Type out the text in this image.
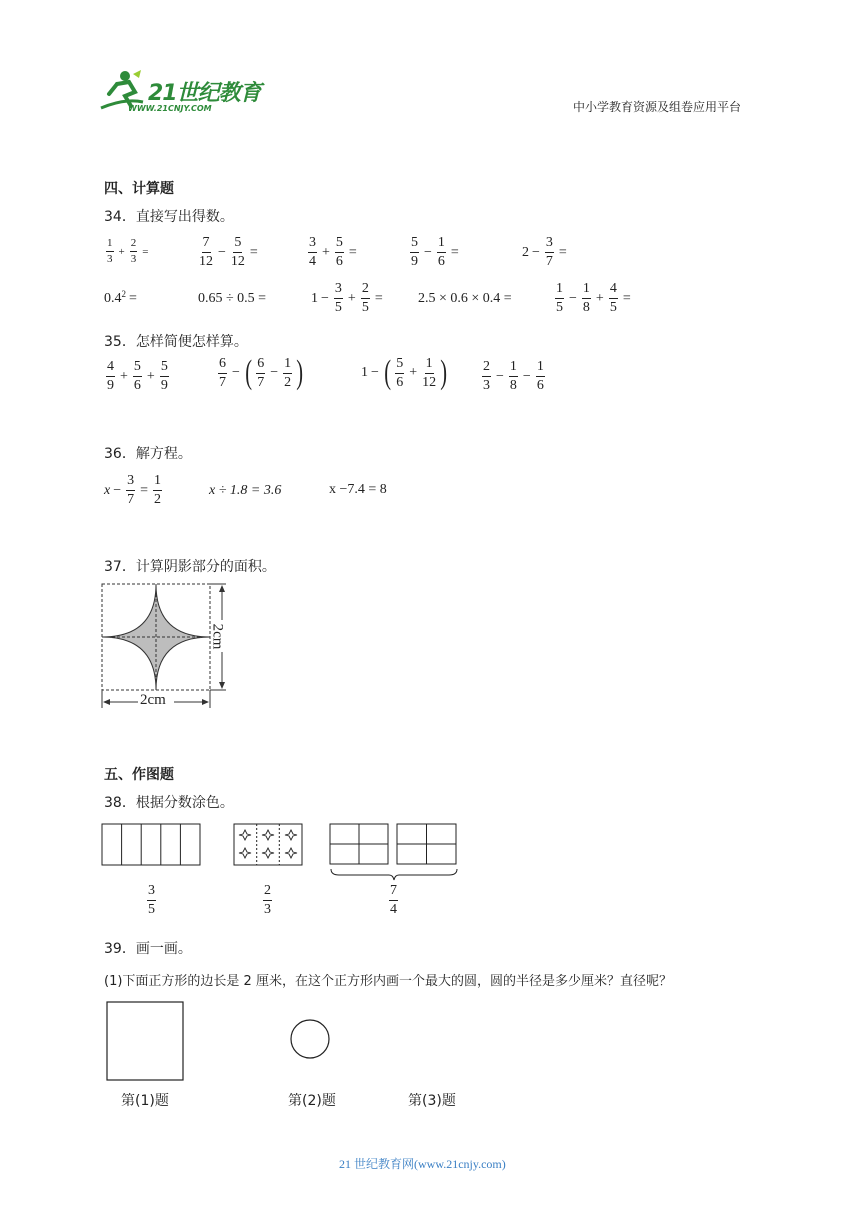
21世纪教育
WWW.21CNJY.COM	中小学教育资源及组卷应用平台
四、计算题
34．直接写出得数。
$\frac{1}{3} + \frac{2}{3}$ =	$\frac{7}{12} - \frac{5}{12}$ =	$\frac{3}{4} + \frac{5}{6}$ =	$\frac{5}{9} - \frac{1}{6}$ =	$2 - \frac{3}{7}$ =
$0.4^2$ =	0.65 ÷ 0.5 =	$1 - \frac{3}{5} + \frac{2}{5}$ =	2.5 × 0.6 × 0.4 =	$\frac{1}{5} - \frac{1}{8} + \frac{4}{5}$ =
35．怎样简便怎样算。
$\frac{4}{9} + \frac{5}{6} + \frac{5}{9}$	$\frac{6}{7}$ − ( $\frac{6}{7} - \frac{1}{2}$ )	1 − ( $\frac{5}{6} + \frac{1}{12}$ ) $\frac{2}{3} - \frac{1}{8} - \frac{1}{6}$
36．解方程。
$x - \frac{3}{7} = \frac{1}{2}$	x ÷ 1.8 = 3.6	x −7.4 = 8
37．计算阴影部分的面积。
2cm
2cm
五、作图题
38．根据分数涂色。
$\frac{3}{5}$	$\frac{2}{3}$	$\frac{7}{4}$
39．画一画。
(1)下面正方形的边长是 2 厘米，在这个正方形内画一个最大的圆，圆的半径是多少厘米？直径呢？
第(1)题	第(2)题	第(3)题
21 世纪教育网(www.21cnjy.com)
